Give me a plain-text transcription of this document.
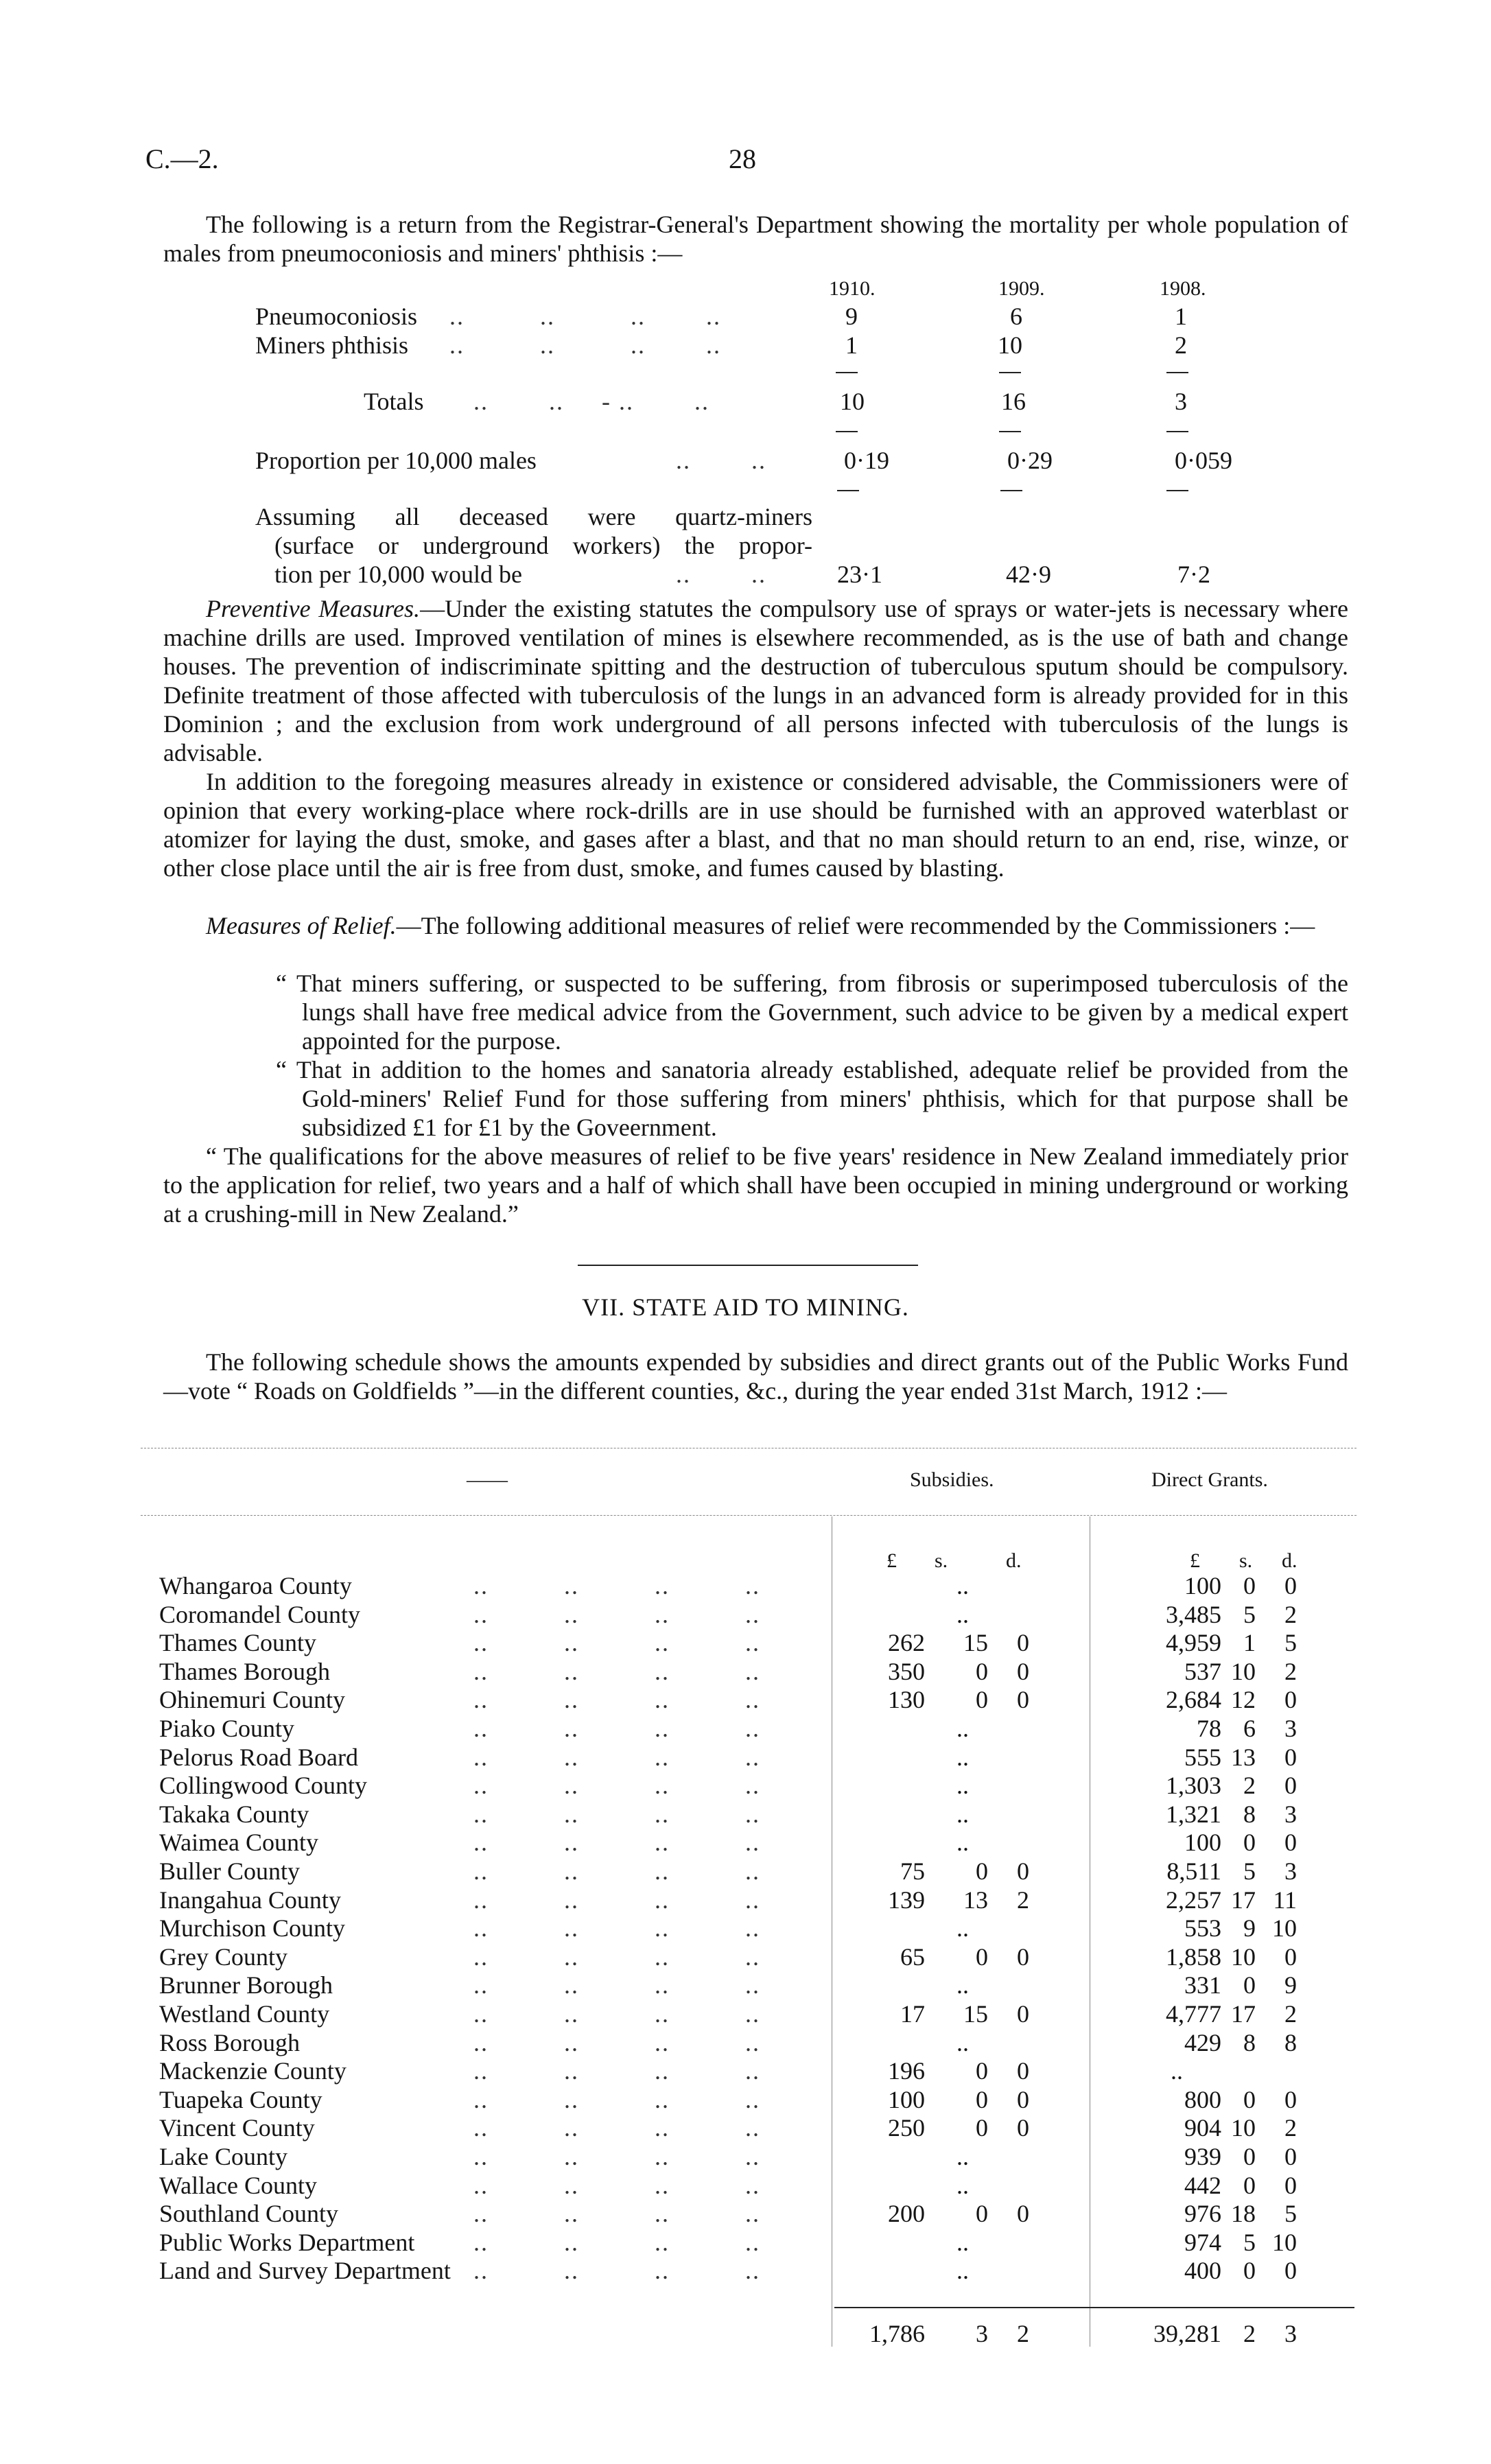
C.—2.	28
The following is a return from the Registrar-General's Department showing the mortality per whole population of males from pneumoconiosis and miners' phthisis :—
1910.	1909.	1908.
Pneumoconiosis ..          ..          ..        ..	9	6	1
Miners phthisis ..          ..          ..        ..	1	10	2
Totals ..        ..     - ..        ..	10	16	3
Proportion per 10,000 males	..        ..	0·19	0·29	0·059
Assuming all deceased were quartz-miners
(surface or underground workers) the propor-
tion per 10,000 would be	..        ..	23·1	42·9	7·2
Preventive Measures.—Under the existing statutes the compulsory use of sprays or water-jets is necessary where machine drills are used. Improved ventilation of mines is elsewhere recommended, as is the use of bath and change houses. The prevention of indiscriminate spitting and the destruction of tuberculous sputum should be compulsory. Definite treatment of those affected with tuberculosis of the lungs in an advanced form is already provided for in this Dominion ; and the exclusion from work underground of all persons infected with tuberculosis of the lungs is advisable.
In addition to the foregoing measures already in existence or considered advisable, the Commissioners were of opinion that every working-place where rock-drills are in use should be furnished with an approved waterblast or atomizer for laying the dust, smoke, and gases after a blast, and that no man should return to an end, rise, winze, or other close place until the air is free from dust, smoke, and fumes caused by blasting.
Measures of Relief.—The following additional measures of relief were recommended by the Commissioners :—
“ That miners suffering, or suspected to be suffering, from fibrosis or superimposed tuberculosis of the lungs shall have free medical advice from the Government, such advice to be given by a medical expert appointed for the purpose.
“ That in addition to the homes and sanatoria already established, adequate relief be provided from the Gold-miners' Relief Fund for those suffering from miners' phthisis, which for that purpose shall be subsidized £1 for £1 by the Goveernment.
“ The qualifications for the above measures of relief to be five years' residence in New Zealand immediately prior to the application for relief, two years and a half of which shall have been occupied in mining underground or working at a crushing-mill in New Zealand.”
VII. STATE AID TO MINING.
The following schedule shows the amounts expended by subsidies and direct grants out of the Public Works Fund—vote “ Roads on Goldfields ”—in the different counties, &c., during the year ended 31st March, 1912 :—
——	Subsidies.	Direct Grants.
£ s.	d.	£ s. d.
Whangaroa County	..          ..          ..          ..	..	100 0	0
Coromandel County	..          ..          ..          ..	..	3,485 5	2
Thames County	..          ..          ..          ..	262 15	0	4,959 1	5
Thames Borough	..          ..          ..          ..	350	0	0	537 10	2
Ohinemuri County	..          ..          ..          ..	130	0	0	2,684 12	0
Piako County	..          ..          ..          ..	..	78 6	3
Pelorus Road Board	..          ..          ..          ..	..	555 13	0
Collingwood County	..          ..          ..          ..	..	1,303 2	0
Takaka County	..          ..          ..          ..	..	1,321 8	3
Waimea County	..          ..          ..          ..	..	100 0	0
Buller County	..          ..          ..          ..	75	0	0	8,511 5	3
Inangahua County	..          ..          ..          ..	139 13	2	2,257 17 11
Murchison County	..          ..          ..          ..	..	553 9 10
Grey County	..          ..          ..          ..	65	0	0	1,858 10	0
Brunner Borough	..          ..          ..          ..	..	331 0	9
Westland County	..          ..          ..          ..	17 15	0	4,777 17	2
Ross Borough	..          ..          ..          ..	..	429 8	8
Mackenzie County	..          ..          ..          ..	196	0	0	..
Tuapeka County	..          ..          ..          ..	100	0	0	800 0	0
Vincent County	..          ..          ..          ..	250	0	0	904 10	2
Lake County	..          ..          ..          ..	..	939 0	0
Wallace County	..          ..          ..          ..	..	442 0	0
Southland County	..          ..          ..          ..	200	0	0	976 18	5
Public Works Department ..          ..          ..          ..	..	974 5 10
Land and Survey Department ..          ..          ..          ..	..	400 0	0
1,786	3	2	39,281 2	3
